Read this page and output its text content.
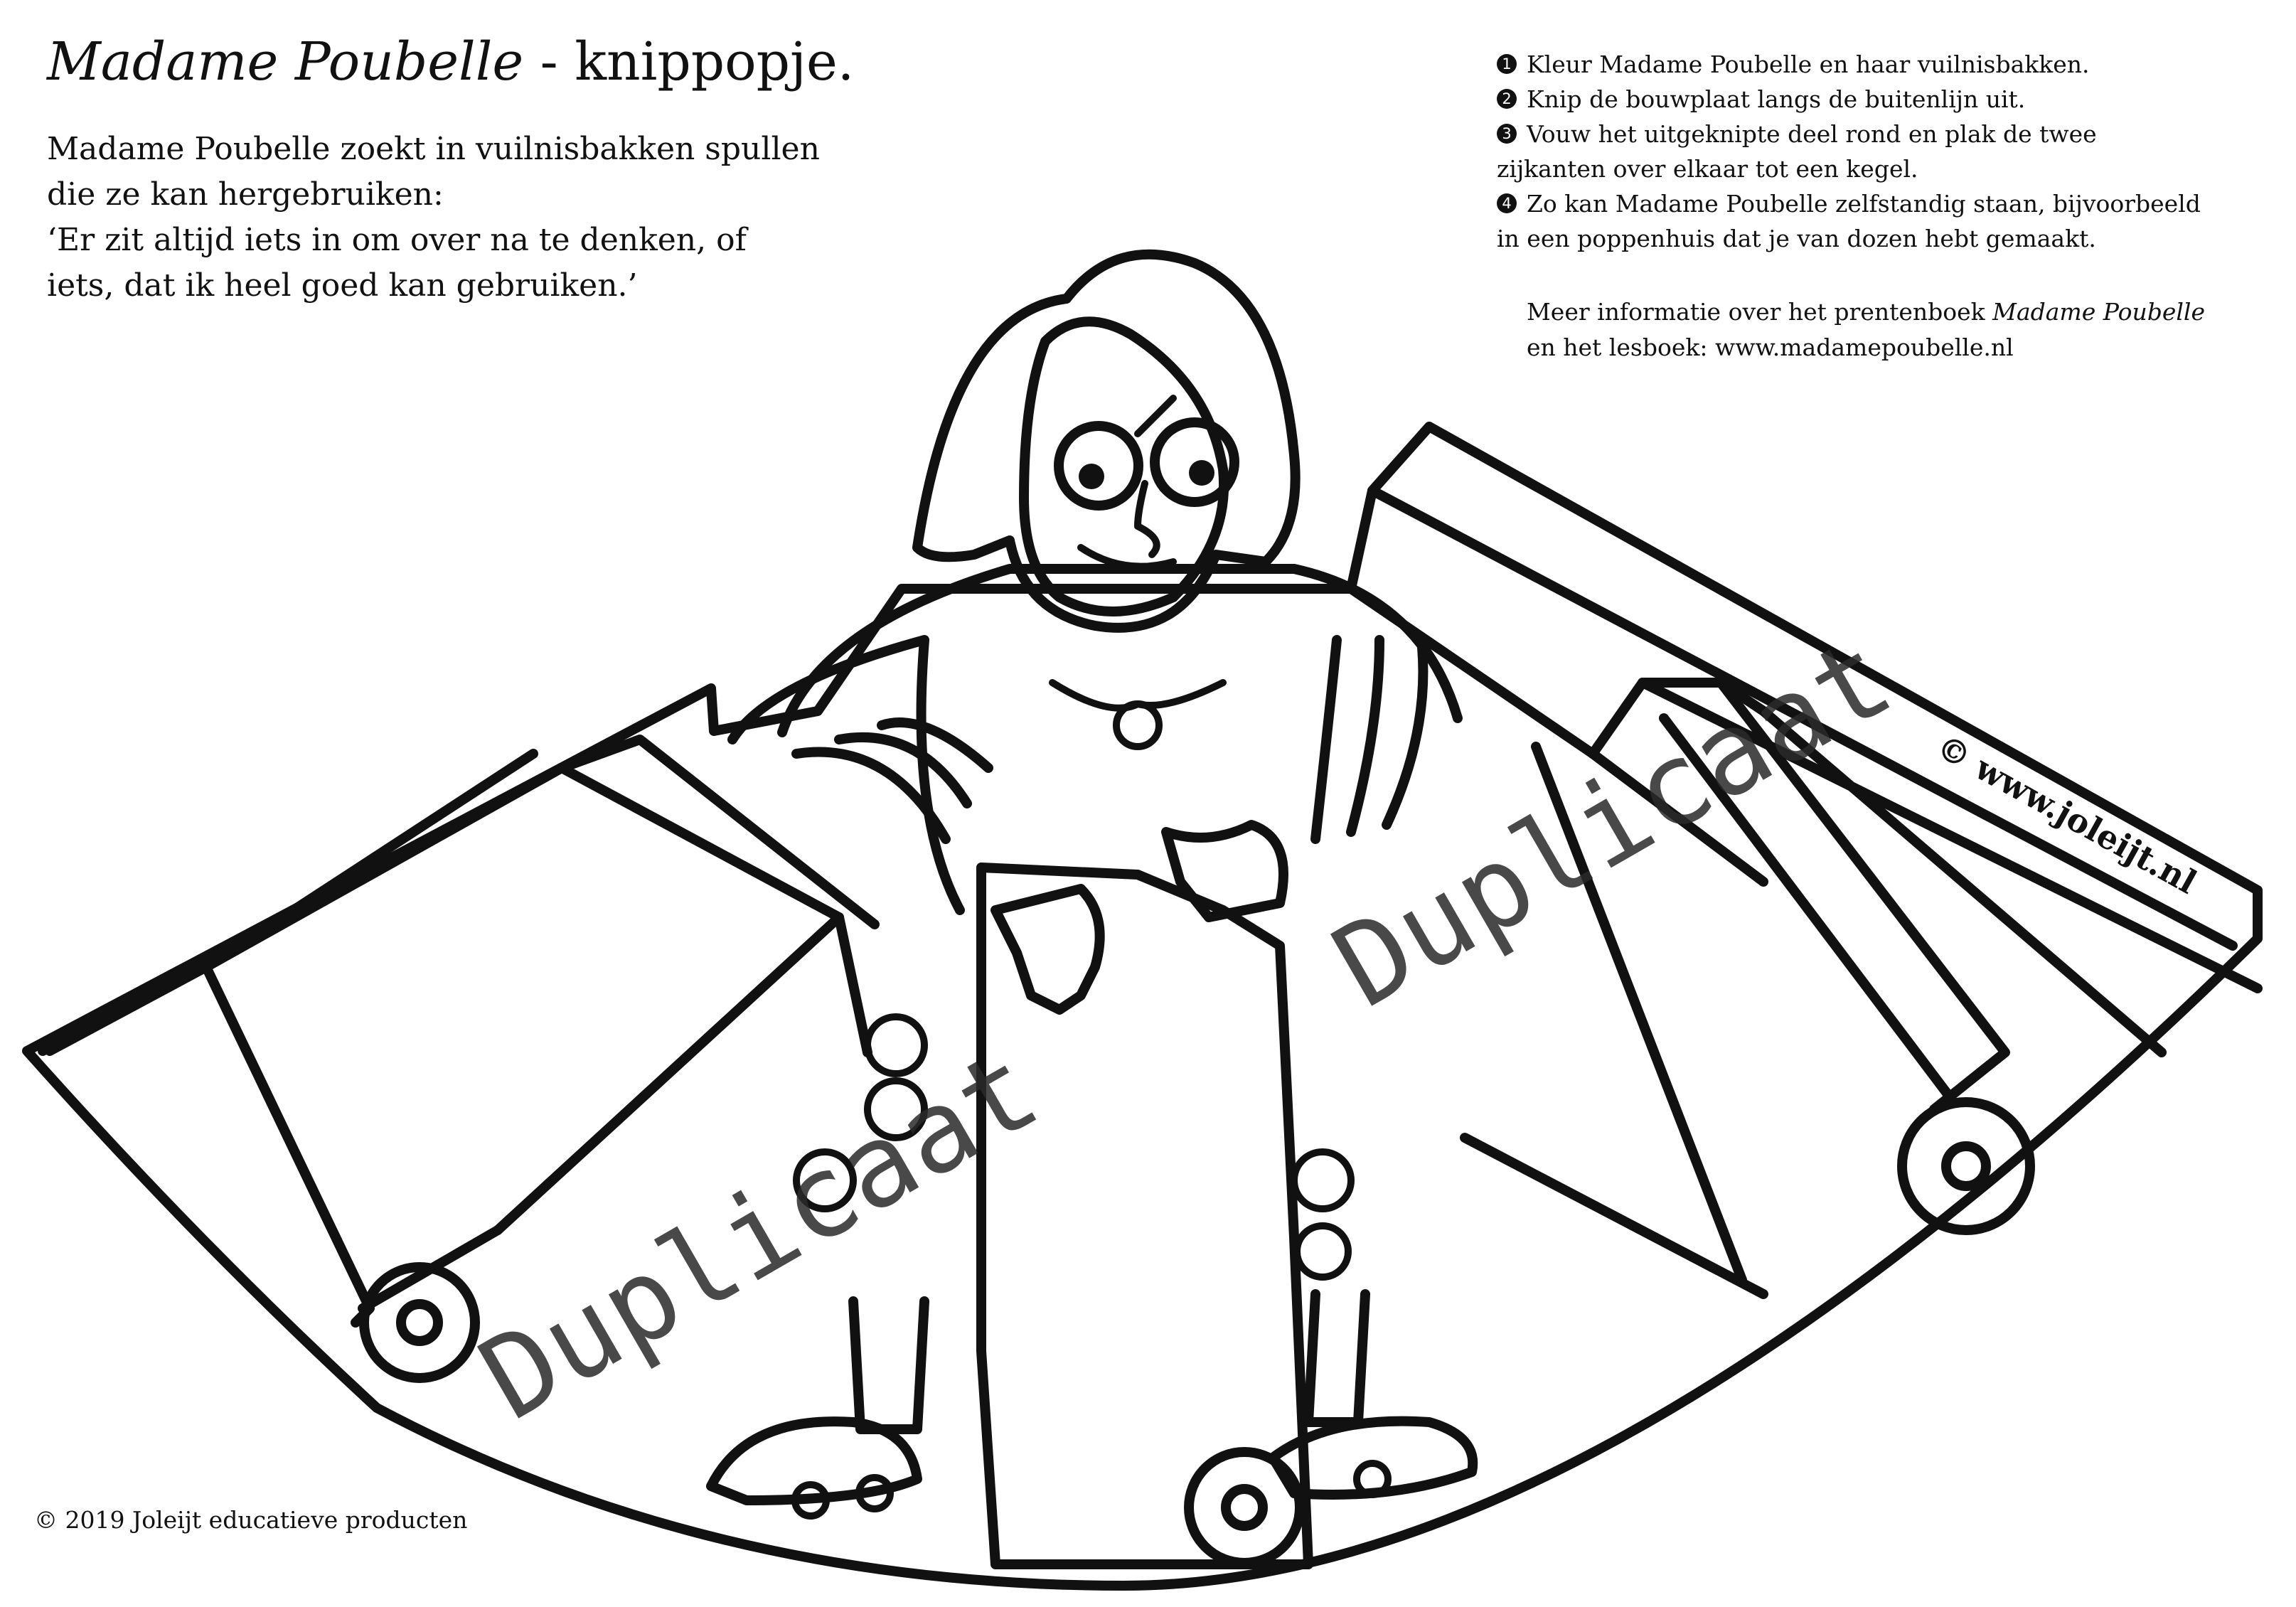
© www.joleijt.nl
Duplicaat
Duplicaat
Madame Poubelle - knippopje.
Madame Poubelle zoekt in vuilnisbakken spullen
die ze kan hergebruiken:
‘Er zit altijd iets in om over na te denken, of
iets, dat ik heel goed kan gebruiken.’
1 Kleur Madame Poubelle en haar vuilnisbakken.
2 Knip de bouwplaat langs de buitenlijn uit.
3 Vouw het uitgeknipte deel rond en plak de twee
zijkanten over elkaar tot een kegel.
4 Zo kan Madame Poubelle zelfstandig staan, bijvoorbeeld
in een poppenhuis dat je van dozen hebt gemaakt.
Meer informatie over het prentenboek Madame Poubelle
en het lesboek: www.madamepoubelle.nl
© 2019 Joleijt educatieve producten
